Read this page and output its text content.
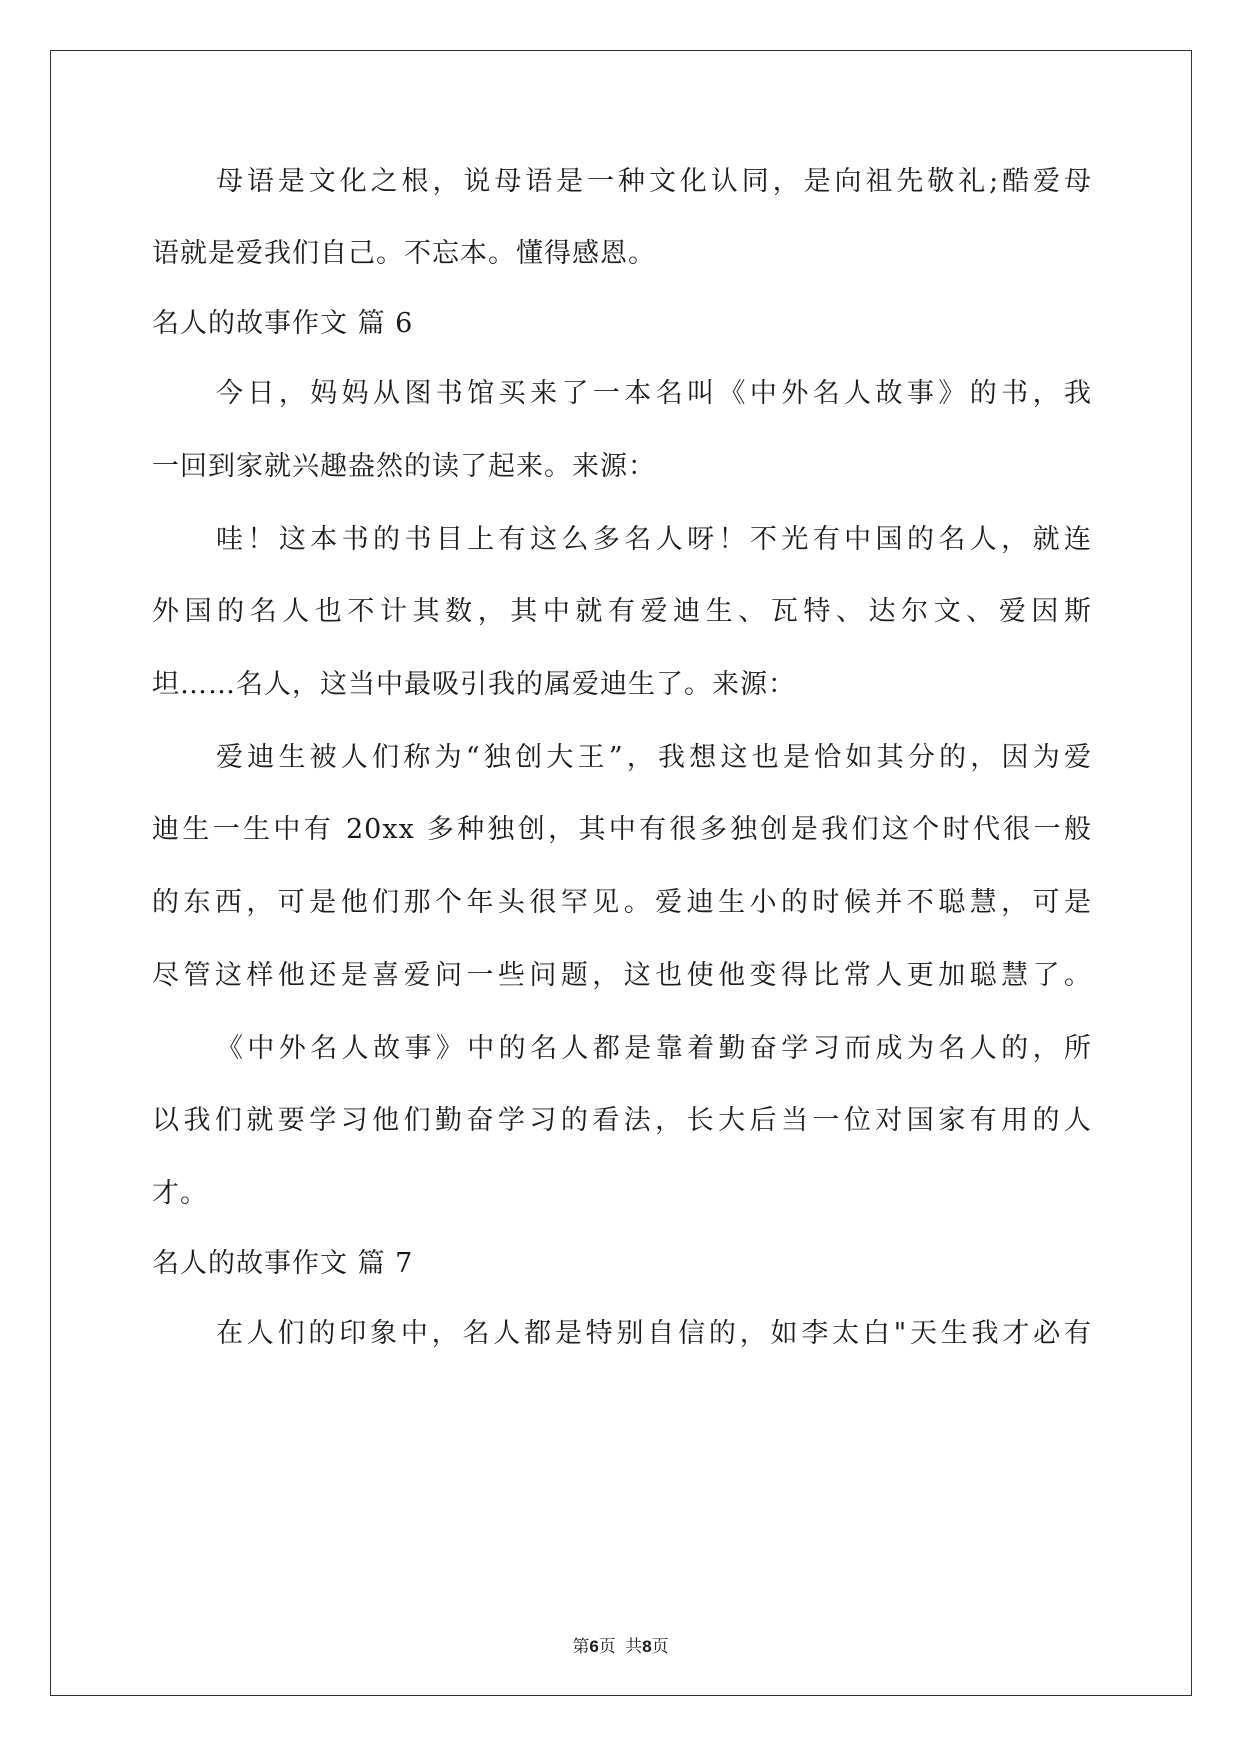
母语是文化之根，说母语是一种文化认同，是向祖先敬礼;酷爱母
语就是爱我们自己。不忘本。懂得感恩。
名人的故事作文 篇 6
今日，妈妈从图书馆买来了一本名叫《中外名人故事》的书，我
一回到家就兴趣盎然的读了起来。来源：
哇！这本书的书目上有这么多名人呀！不光有中国的名人，就连
外国的名人也不计其数，其中就有爱迪生、瓦特、达尔文、爱因斯
坦……名人，这当中最吸引我的属爱迪生了。来源：
爱迪生被人们称为“独创大王”，我想这也是恰如其分的，因为爱
迪生一生中有 20xx 多种独创，其中有很多独创是我们这个时代很一般
的东西，可是他们那个年头很罕见。爱迪生小的时候并不聪慧，可是
尽管这样他还是喜爱问一些问题，这也使他变得比常人更加聪慧了。
《中外名人故事》中的名人都是靠着勤奋学习而成为名人的，所
以我们就要学习他们勤奋学习的看法，长大后当一位对国家有用的人
才。
名人的故事作文 篇 7
在人们的印象中，名人都是特别自信的，如李太白"天生我才必有
第6页 共8页
